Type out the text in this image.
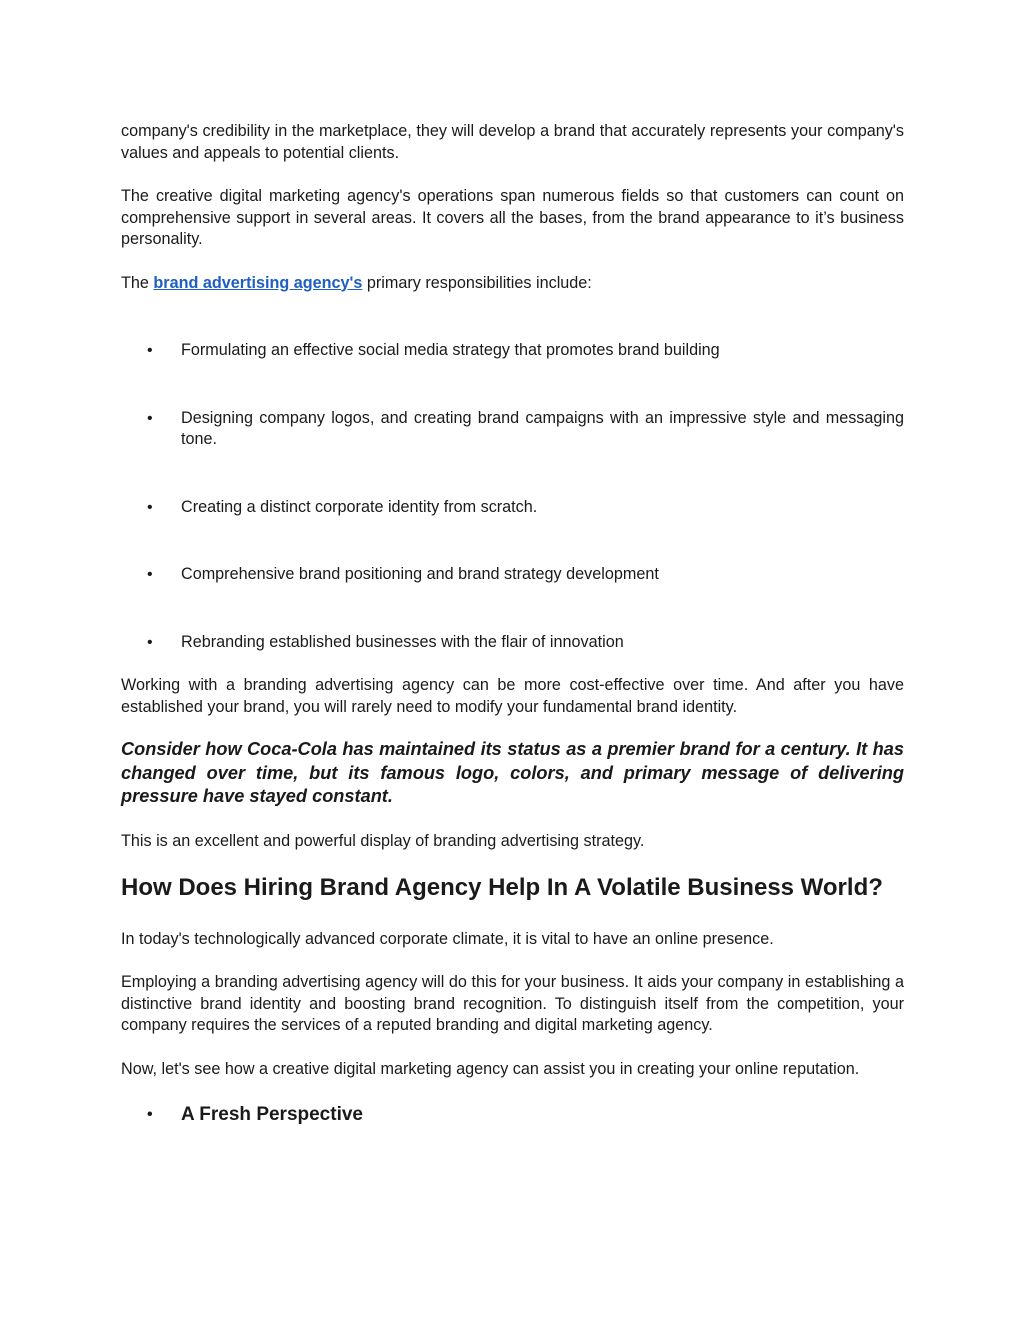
company's credibility in the marketplace, they will develop a brand that accurately represents your company's values and appeals to potential clients.

The creative digital marketing agency's operations span numerous fields so that customers can count on comprehensive support in several areas. It covers all the bases, from the brand appearance to it’s business personality.

The brand advertising agency's primary responsibilities include:

• Formulating an effective social media strategy that promotes brand building
• Designing company logos, and creating brand campaigns with an impressive style and messaging tone.
• Creating a distinct corporate identity from scratch.
• Comprehensive brand positioning and brand strategy development
• Rebranding established businesses with the flair of innovation

Working with a branding advertising agency can be more cost-effective over time. And after you have established your brand, you will rarely need to modify your fundamental brand identity.

Consider how Coca-Cola has maintained its status as a premier brand for a century. It has changed over time, but its famous logo, colors, and primary message of delivering pressure have stayed constant.

This is an excellent and powerful display of branding advertising strategy.

How Does Hiring Brand Agency Help In A Volatile Business World?

In today's technologically advanced corporate climate, it is vital to have an online presence.

Employing a branding advertising agency will do this for your business. It aids your company in establishing a distinctive brand identity and boosting brand recognition. To distinguish itself from the competition, your company requires the services of a reputed branding and digital marketing agency.

Now, let's see how a creative digital marketing agency can assist you in creating your online reputation.

• A Fresh Perspective
